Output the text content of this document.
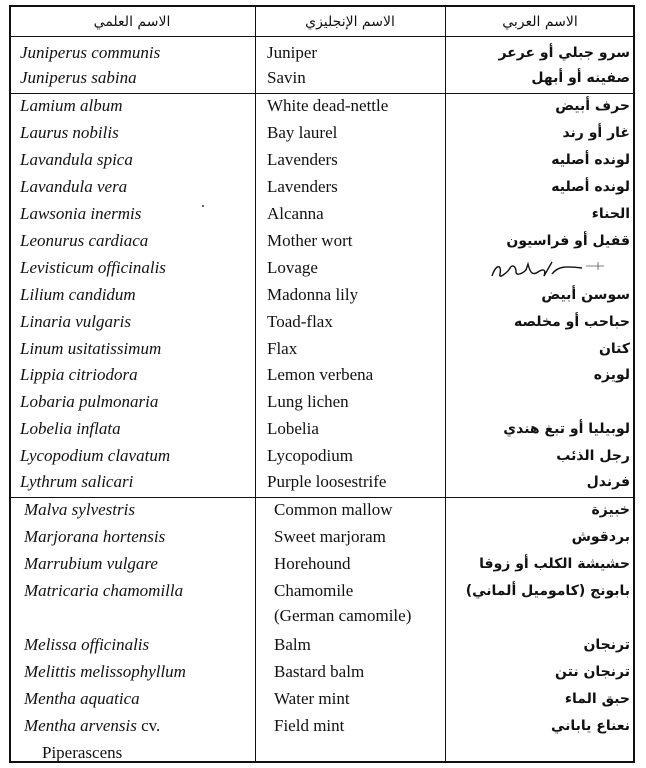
الاسم العلمي	الاسم الإنجليزي	الاسم العربي
Juniperus communis	Juniper	سرو جبلي أو عرعر
Juniperus sabina	Savin	صفينه أو أبهل
Lamium album	White dead-nettle	حرف أبيض
Laurus nobilis	Bay laurel	غار أو رند
Lavandula spica	Lavenders	لونده أصليه
Lavandula vera	Lavenders	لونده أصليه
Lawsonia inermis	Alcanna	الحناء
Leonurus cardiaca	Mother wort	قفيل أو فراسيون
Levisticum officinalis	Lovage
Lilium candidum	Madonna lily	سوسن أبيض
Linaria vulgaris	Toad-flax	حباحب أو مخلصه
Linum usitatissimum	Flax	كتان
Lippia citriodora	Lemon verbena	لويزه
Lobaria pulmonaria	Lung lichen
Lobelia inflata	Lobelia	لوبيليا أو تبغ هندي
Lycopodium clavatum	Lycopodium	رجل الذئب
Lythrum salicari	Purple loosestrife	فرندل
Malva sylvestris	Common mallow	خبيزة
Marjorana hortensis	Sweet marjoram	بردقوش
Marrubium vulgare	Horehound	حشيشة الكلب أو زوفا
Matricaria chamomilla	Chamomile	بابونج (كاموميل ألماني)
(German camomile)
Melissa officinalis	Balm	ترنجان
Melittis melissophyllum	Bastard balm	ترنجان نتن
Mentha aquatica	Water mint	حبق الماء
Mentha arvensis cv.	Field mint	نعناع ياباني
Piperascens
